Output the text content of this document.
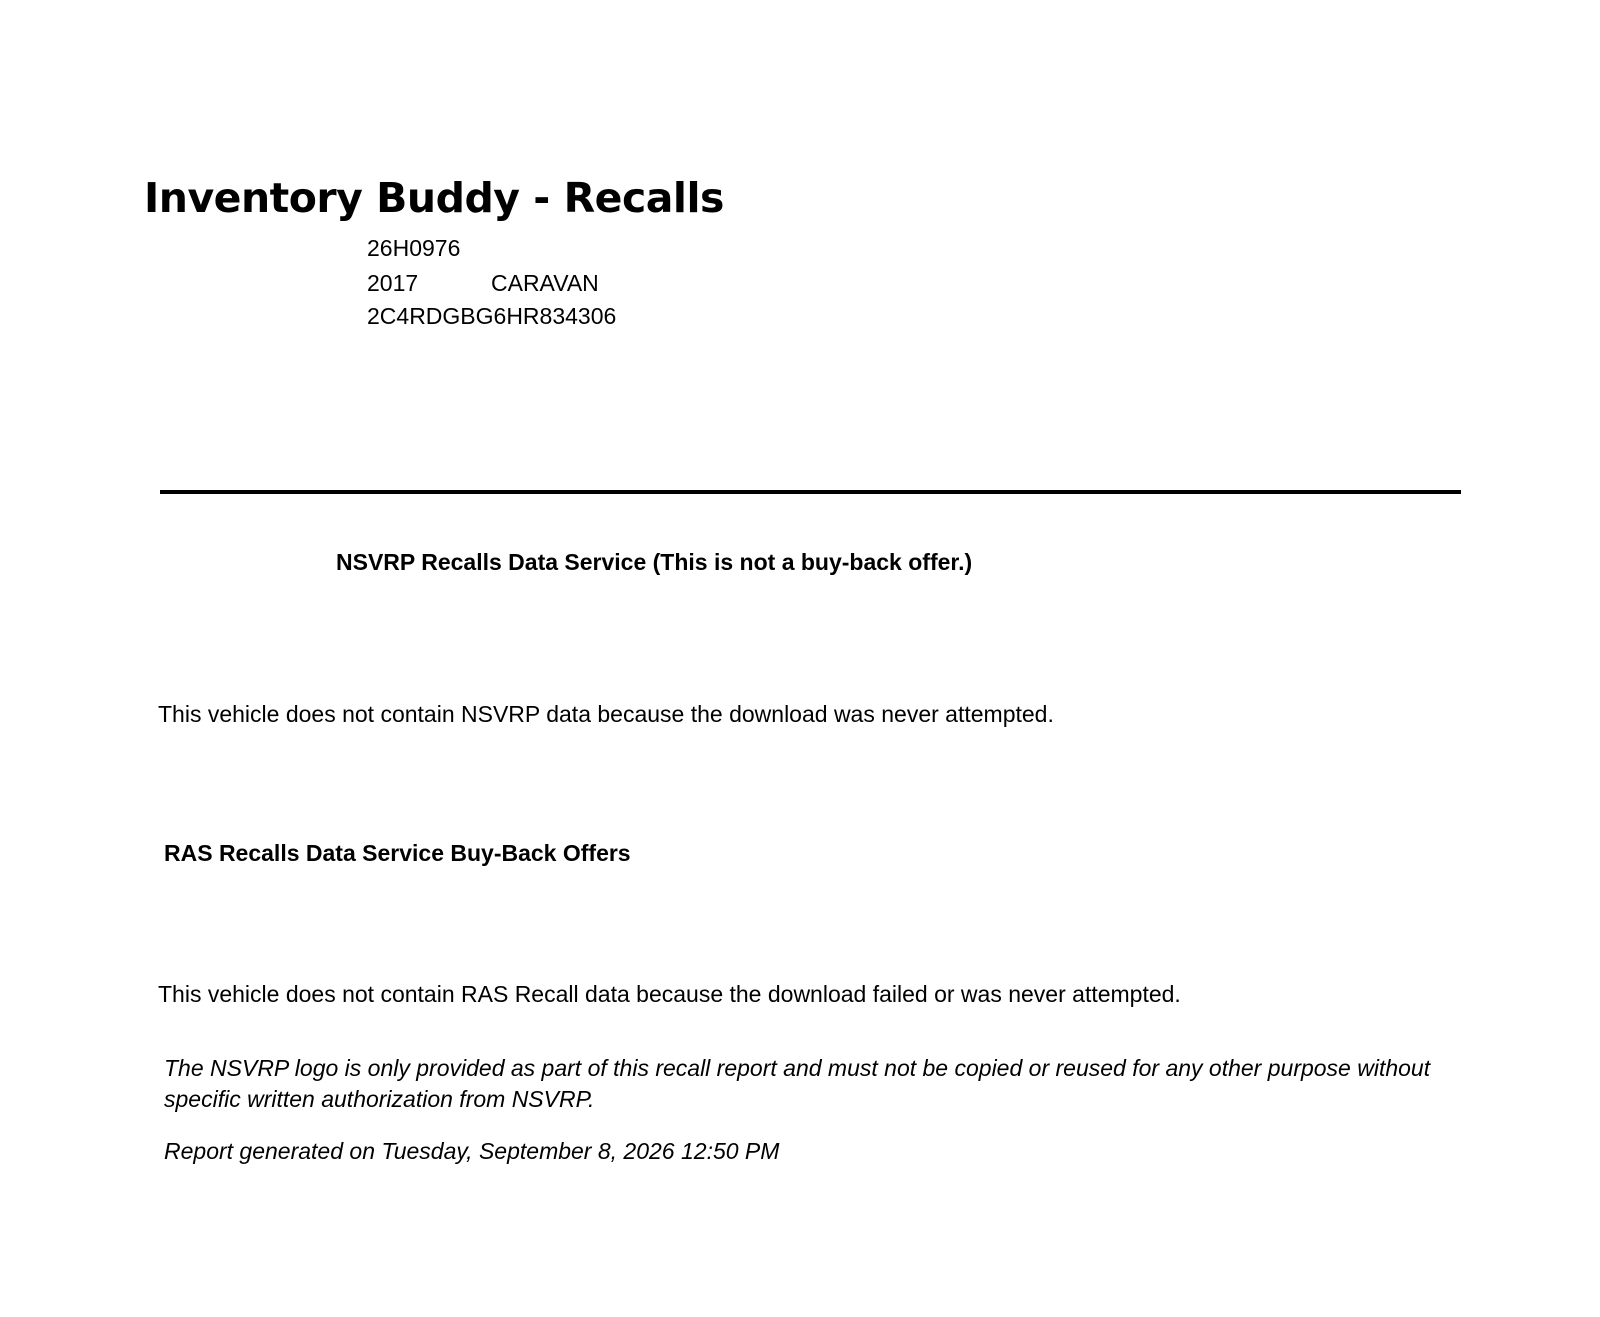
Inventory Buddy - Recalls
26H0976
2017	CARAVAN
2C4RDGBG6HR834306
NSVRP Recalls Data Service (This is not a buy-back offer.)

This vehicle does not contain NSVRP data because the download was never attempted.

RAS Recalls Data Service Buy-Back Offers

This vehicle does not contain RAS Recall data because the download failed or was never attempted.

The NSVRP logo is only provided as part of this recall report and must not be copied or reused for any other purpose without specific written authorization from NSVRP.

Report generated on Tuesday, September 8, 2026 12:50 PM
